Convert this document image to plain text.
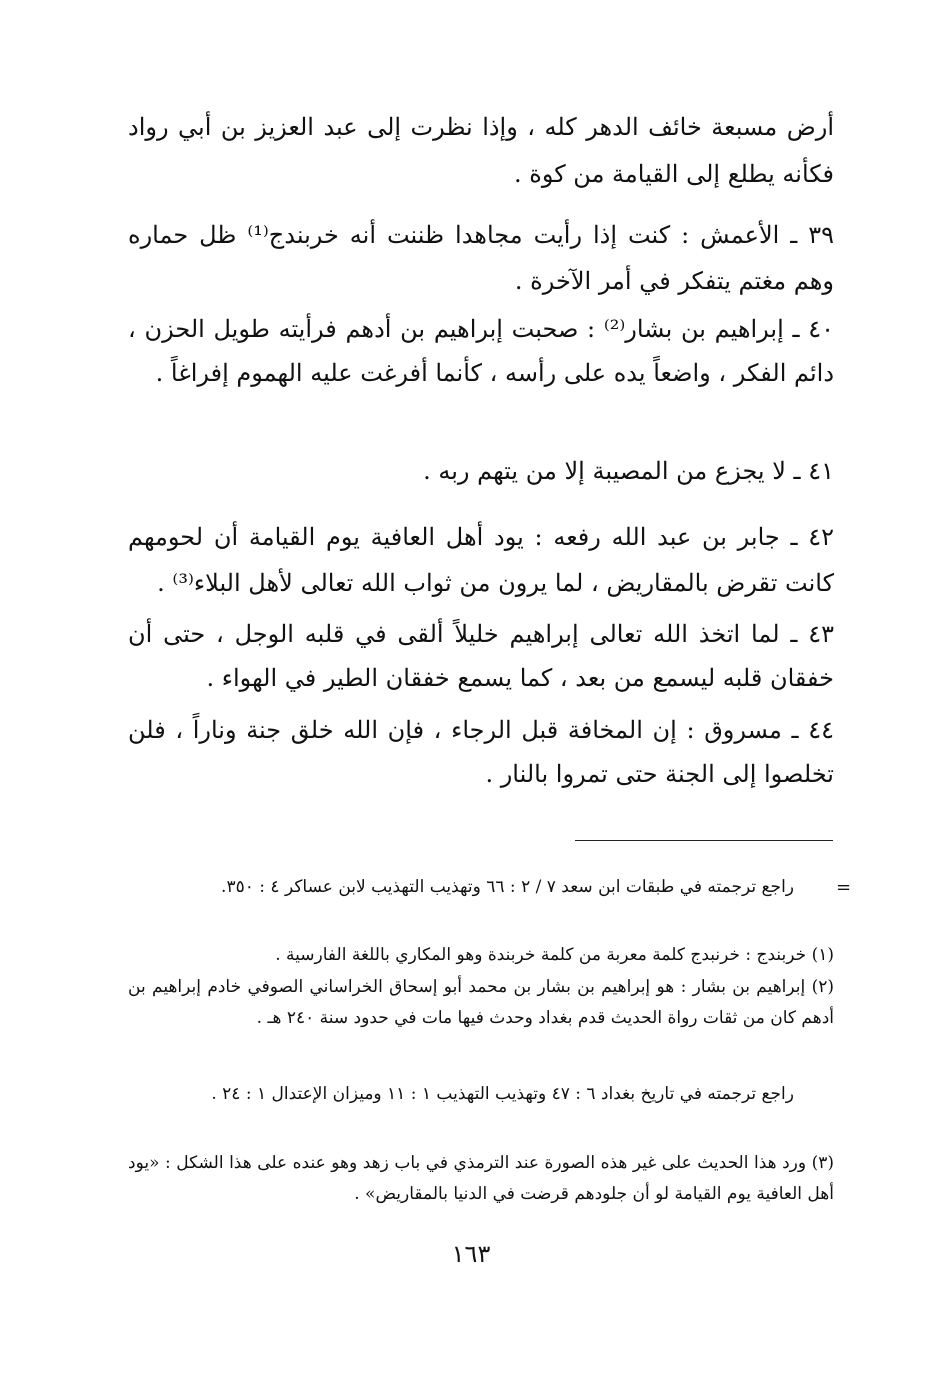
أرض مسبعة خائف الدهر كله ، وإذا نظرت إلى عبد العزيز بن أبي رواد فكأنه يطلع إلى القيامة من كوة .
٣٩ ـ الأعمش : كنت إذا رأيت مجاهدا ظننت أنه خربندج⁽¹⁾ ظل حماره وهم مغتم يتفكر في أمر الآخرة .
٤٠ ـ إبراهيم بن بشار⁽²⁾ : صحبت إبراهيم بن أدهم فرأيته طويل الحزن ، دائم الفكر ، واضعاً يده على رأسه ، كأنما أفرغت عليه الهموم إفراغاً .
٤١ ـ لا يجزع من المصيبة إلا من يتهم ربه .
٤٢ ـ جابر بن عبد الله رفعه : يود أهل العافية يوم القيامة أن لحومهم كانت تقرض بالمقاريض ، لما يرون من ثواب الله تعالى لأهل البلاء⁽³⁾ .
٤٣ ـ لما اتخذ الله تعالى إبراهيم خليلاً ألقى في قلبه الوجل ، حتى أن خفقان قلبه ليسمع من بعد ، كما يسمع خفقان الطير في الهواء .
٤٤ ـ مسروق : إن المخافة قبل الرجاء ، فإن الله خلق جنة وناراً ، فلن تخلصوا إلى الجنة حتى تمروا بالنار .
=
راجع ترجمته في طبقات ابن سعد ٧ / ٢ : ٦٦ وتهذيب التهذيب لابن عساكر ٤ : ٣٥٠.
(١) خربندج : خرنبدج كلمة معربة من كلمة خربندة وهو المكاري باللغة الفارسية .
(٢) إبراهيم بن بشار : هو إبراهيم بن بشار بن محمد أبو إسحاق الخراساني الصوفي خادم إبراهيم بن أدهم كان من ثقات رواة الحديث قدم بغداد وحدث فيها مات في حدود سنة ٢٤٠ هـ .
راجع ترجمته في تاريخ بغداد ٦ : ٤٧ وتهذيب التهذيب ١ : ١١ وميزان الإعتدال ١ : ٢٤ .
(٣) ورد هذا الحديث على غير هذه الصورة عند الترمذي في باب زهد وهو عنده على هذا الشكل : «يود أهل العافية يوم القيامة لو أن جلودهم قرضت في الدنيا بالمقاريض» .
١٦٣
